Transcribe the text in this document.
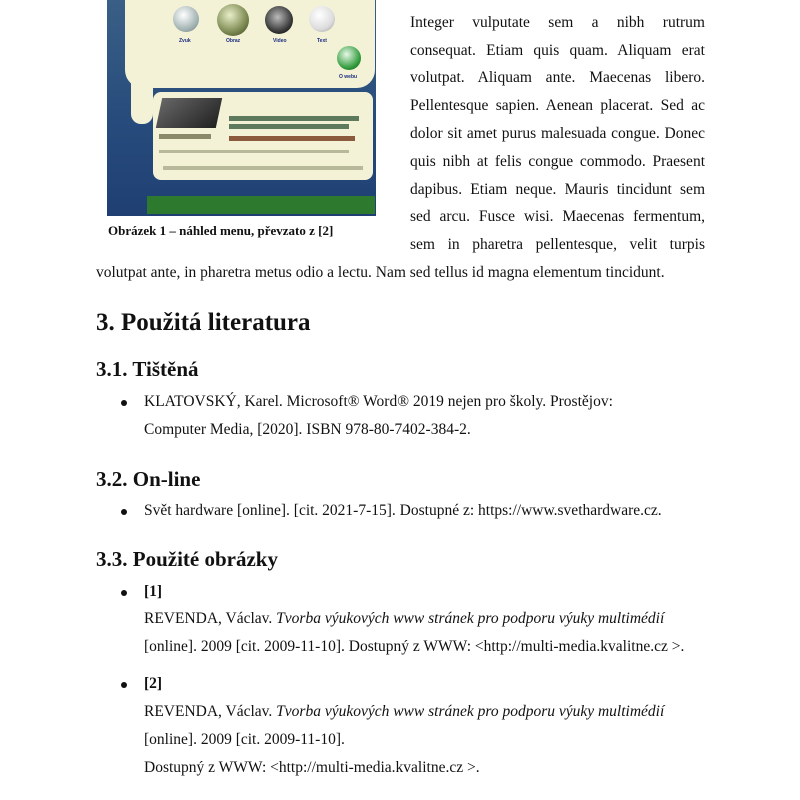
Zvuk	Obraz	Video	Text
O webu
Obrázek 1 – náhled menu, převzato z [2]
Integer vulputate sem a nibh rutrum
consequat. Etiam quis quam. Aliquam erat
volutpat. Aliquam ante. Maecenas libero.
Pellentesque sapien. Aenean placerat. Sed ac
dolor sit amet purus malesuada congue. Donec
quis nibh at felis congue commodo. Praesent
dapibus. Etiam neque. Mauris tincidunt sem
sed arcu. Fusce wisi. Maecenas fermentum,
sem in pharetra pellentesque, velit turpis
volutpat ante, in pharetra metus odio a lectu. Nam sed tellus id magna elementum tincidunt.
3. Použitá literatura
3.1. Tištěná
KLATOVSKÝ, Karel. Microsoft® Word® 2019 nejen pro školy. Prostějov:
Computer Media, [2020]. ISBN 978-80-7402-384-2.
3.2. On-line
Svět hardware [online]. [cit. 2021-7-15]. Dostupné z: https://www.svethardware.cz.
3.3. Použité obrázky
[1]
REVENDA, Václav. Tvorba výukových www stránek pro podporu výuky multimédií
[online]. 2009 [cit. 2009-11-10]. Dostupný z WWW: <http://multi-media.kvalitne.cz >.
[2]
REVENDA, Václav. Tvorba výukových www stránek pro podporu výuky multimédií
[online]. 2009 [cit. 2009-11-10].
Dostupný z WWW: <http://multi-media.kvalitne.cz >.
